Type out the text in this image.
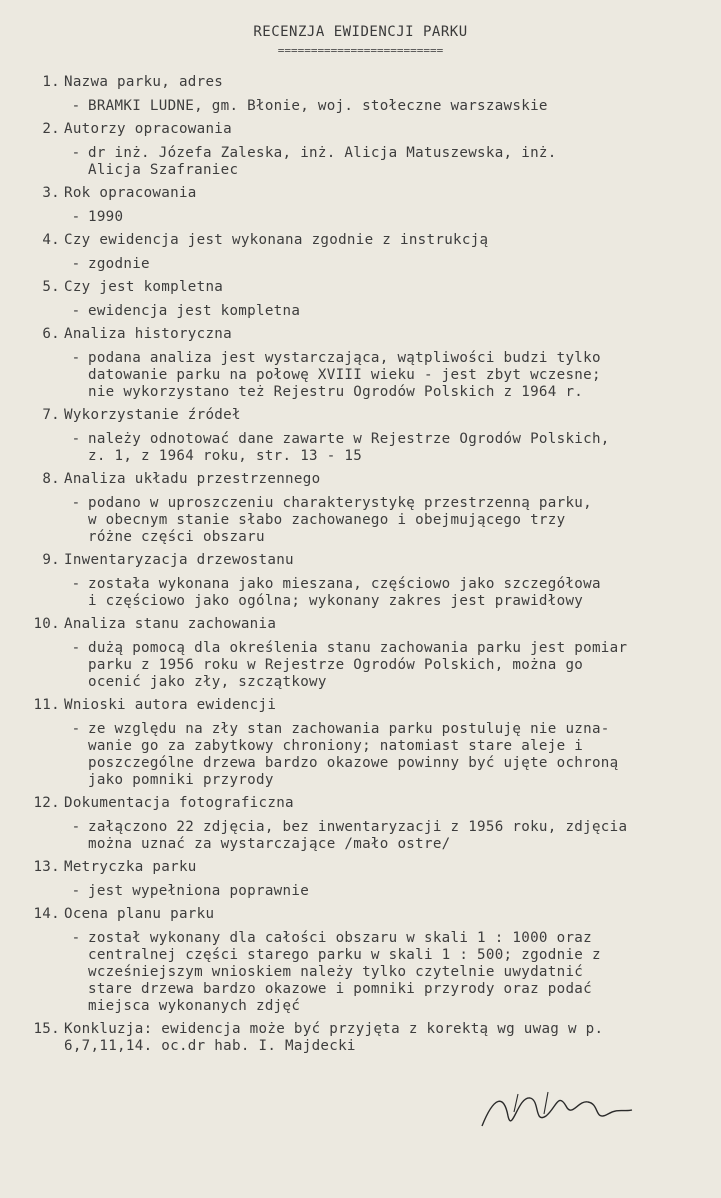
RECENZJA EWIDENCJI PARKU
=========================
1. Nazwa parku, adres
- BRAMKI LUDNE, gm. Błonie, woj. stołeczne warszawskie
2. Autorzy opracowania
- dr inż. Józefa Zaleska, inż. Alicja Matuszewska, inż.
Alicja Szafraniec
3. Rok opracowania
- 1990
4. Czy ewidencja jest wykonana zgodnie z instrukcją
- zgodnie
5. Czy jest kompletna
- ewidencja jest kompletna
6. Analiza historyczna
- podana analiza jest wystarczająca, wątpliwości budzi tylko
datowanie parku na połowę XVIII wieku - jest zbyt wczesne;
nie wykorzystano też Rejestru Ogrodów Polskich z 1964 r.
7. Wykorzystanie źródeł
- należy odnotować dane zawarte w Rejestrze Ogrodów Polskich,
z. 1, z 1964 roku, str. 13 - 15
8. Analiza układu przestrzennego
- podano w uproszczeniu charakterystykę przestrzenną parku,
w obecnym stanie słabo zachowanego i obejmującego trzy
różne części obszaru
9. Inwentaryzacja drzewostanu
- została wykonana jako mieszana, częściowo jako szczegółowa
i częściowo jako ogólna; wykonany zakres jest prawidłowy
10. Analiza stanu zachowania
- dużą pomocą dla określenia stanu zachowania parku jest pomiar
parku z 1956 roku w Rejestrze Ogrodów Polskich, można go
ocenić jako zły, szczątkowy
11. Wnioski autora ewidencji
- ze względu na zły stan zachowania parku postuluję nie uzna-
wanie go za zabytkowy chroniony; natomiast stare aleje i
poszczególne drzewa bardzo okazowe powinny być ujęte ochroną
jako pomniki przyrody
12. Dokumentacja fotograficzna
- załączono 22 zdjęcia, bez inwentaryzacji z 1956 roku, zdjęcia
można uznać za wystarczające /mało ostre/
13. Metryczka parku
- jest wypełniona poprawnie
14. Ocena planu parku
- został wykonany dla całości obszaru w skali 1 : 1000 oraz
centralnej części starego parku w skali 1 : 500; zgodnie z
wcześniejszym wnioskiem należy tylko czytelnie uwydatnić
stare drzewa bardzo okazowe i pomniki przyrody oraz podać
miejsca wykonanych zdjęć
15. Konkluzja: ewidencja może być przyjęta z korektą wg uwag w p.
6,7,11,14. oc.dr hab. I. Majdecki
